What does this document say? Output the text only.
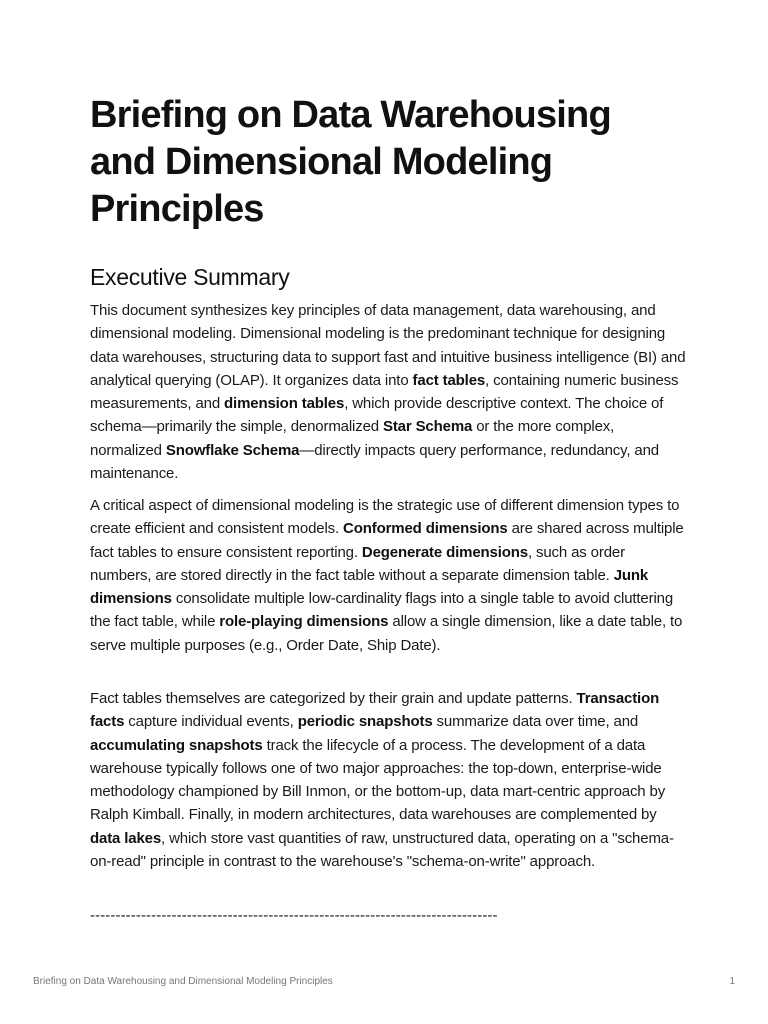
Briefing on Data Warehousing and Dimensional Modeling Principles
Executive Summary

This document synthesizes key principles of data management, data warehousing, and dimensional modeling. Dimensional modeling is the predominant technique for designing data warehouses, structuring data to support fast and intuitive business intelligence (BI) and analytical querying (OLAP). It organizes data into fact tables, containing numeric business measurements, and dimension tables, which provide descriptive context. The choice of schema—primarily the simple, denormalized Star Schema or the more complex, normalized Snowflake Schema—directly impacts query performance, redundancy, and maintenance.

A critical aspect of dimensional modeling is the strategic use of different dimension types to create efficient and consistent models. Conformed dimensions are shared across multiple fact tables to ensure consistent reporting. Degenerate dimensions, such as order numbers, are stored directly in the fact table without a separate dimension table. Junk dimensions consolidate multiple low-cardinality flags into a single table to avoid cluttering the fact table, while role-playing dimensions allow a single dimension, like a date table, to serve multiple purposes (e.g., Order Date, Ship Date).

Fact tables themselves are categorized by their grain and update patterns. Transaction facts capture individual events, periodic snapshots summarize data over time, and accumulating snapshots track the lifecycle of a process. The development of a data warehouse typically follows one of two major approaches: the top-down, enterprise-wide methodology championed by Bill Inmon, or the bottom-up, data mart-centric approach by Ralph Kimball. Finally, in modern architectures, data warehouses are complemented by data lakes, which store vast quantities of raw, unstructured data, operating on a "schema-on-read" principle in contrast to the warehouse's "schema-on-write" approach.

--------------------------------------------------------------------------------
Briefing on Data Warehousing and Dimensional Modeling Principles	1
